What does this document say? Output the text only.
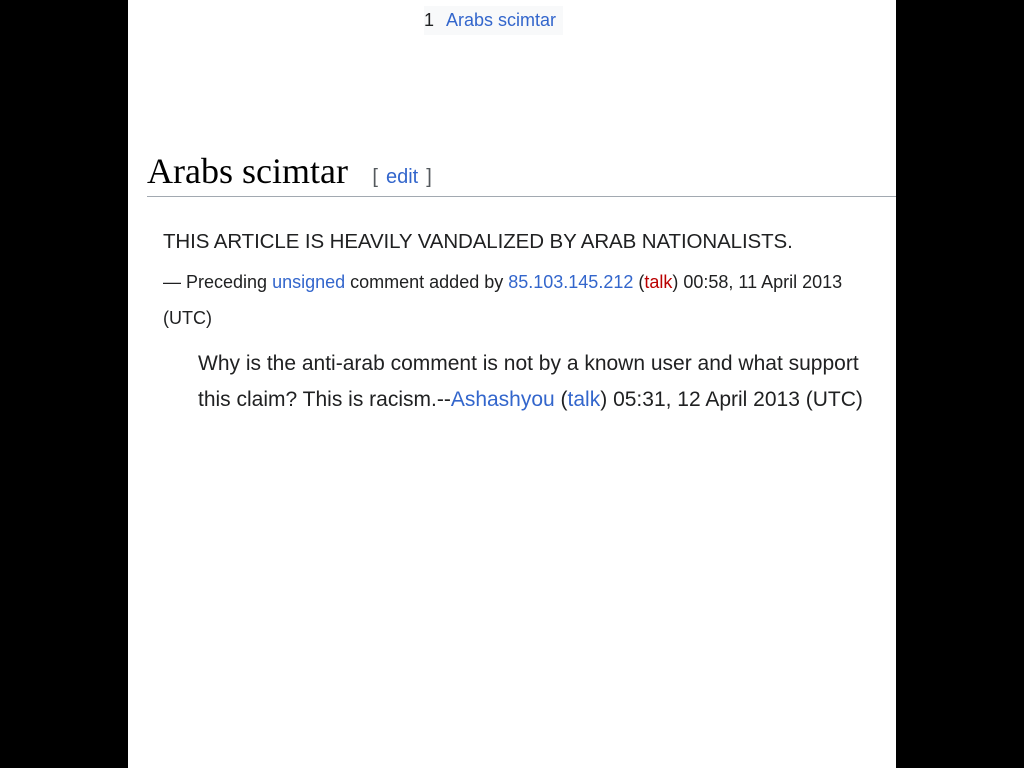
1 Arabs scimtar
Arabs scimtar [ edit ]
THIS ARTICLE IS HEAVILY VANDALIZED BY ARAB NATIONALISTS.
— Preceding unsigned comment added by 85.103.145.212 (talk) 00:58, 11 April 2013 (UTC)
Why is the anti-arab comment is not by a known user and what support this claim? This is racism.--Ashashyou (talk) 05:31, 12 April 2013 (UTC)
